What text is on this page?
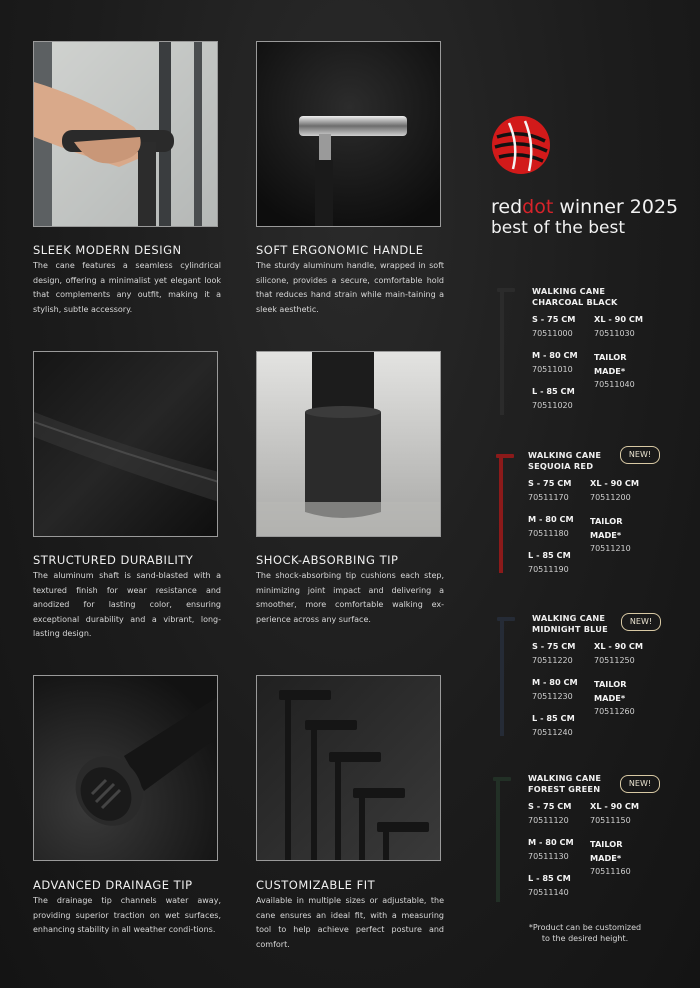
SLEEK MODERN DESIGN
The cane features a seamless cylindrical design, offering a minimalist yet elegant look that complements any outfit, making it a stylish, subtle accessory.
SOFT ERGONOMIC HANDLE
The sturdy aluminum handle, wrapped in soft silicone, provides a secure, comfortable hold that reduces hand strain while main-taining a sleek aesthetic.
STRUCTURED DURABILITY
The aluminum shaft is sand-blasted with a textured finish for wear resistance and anodized for lasting color, ensuring exceptional durability and a vibrant, long-lasting design.
SHOCK-ABSORBING TIP
The shock-absorbing tip cushions each step, minimizing joint impact and delivering a smoother, more comfortable walking ex-perience across any surface.
ADVANCED DRAINAGE TIP
The drainage tip channels water away, providing superior traction on wet surfaces, enhancing stability in all weather condi-tions.
CUSTOMIZABLE FIT
Available in multiple sizes or adjustable, the cane ensures an ideal fit, with a measuring tool to help achieve perfect posture and comfort.
reddot winner 2025
best of the best
WALKING CANE
CHARCOAL BLACK
S - 75 CM
70511000
XL - 90 CM
70511030
M - 80 CM
70511010
TAILOR
MADE*
70511040
L - 85 CM
70511020
WALKING CANE
SEQUOIA RED
NEW!
S - 75 CM
70511170
XL - 90 CM
70511200
M - 80 CM
70511180
TAILOR
MADE*
70511210
L - 85 CM
70511190
WALKING CANE
MIDNIGHT BLUE
NEW!
S - 75 CM
70511220
XL - 90 CM
70511250
M - 80 CM
70511230
TAILOR
MADE*
70511260
L - 85 CM
70511240
WALKING CANE
FOREST GREEN	NEW!
S - 75 CM
70511120
XL - 90 CM
70511150
M - 80 CM
70511130
TAILOR
MADE*
70511160
L - 85 CM
70511140
*Product can be customized
to the desired height.
